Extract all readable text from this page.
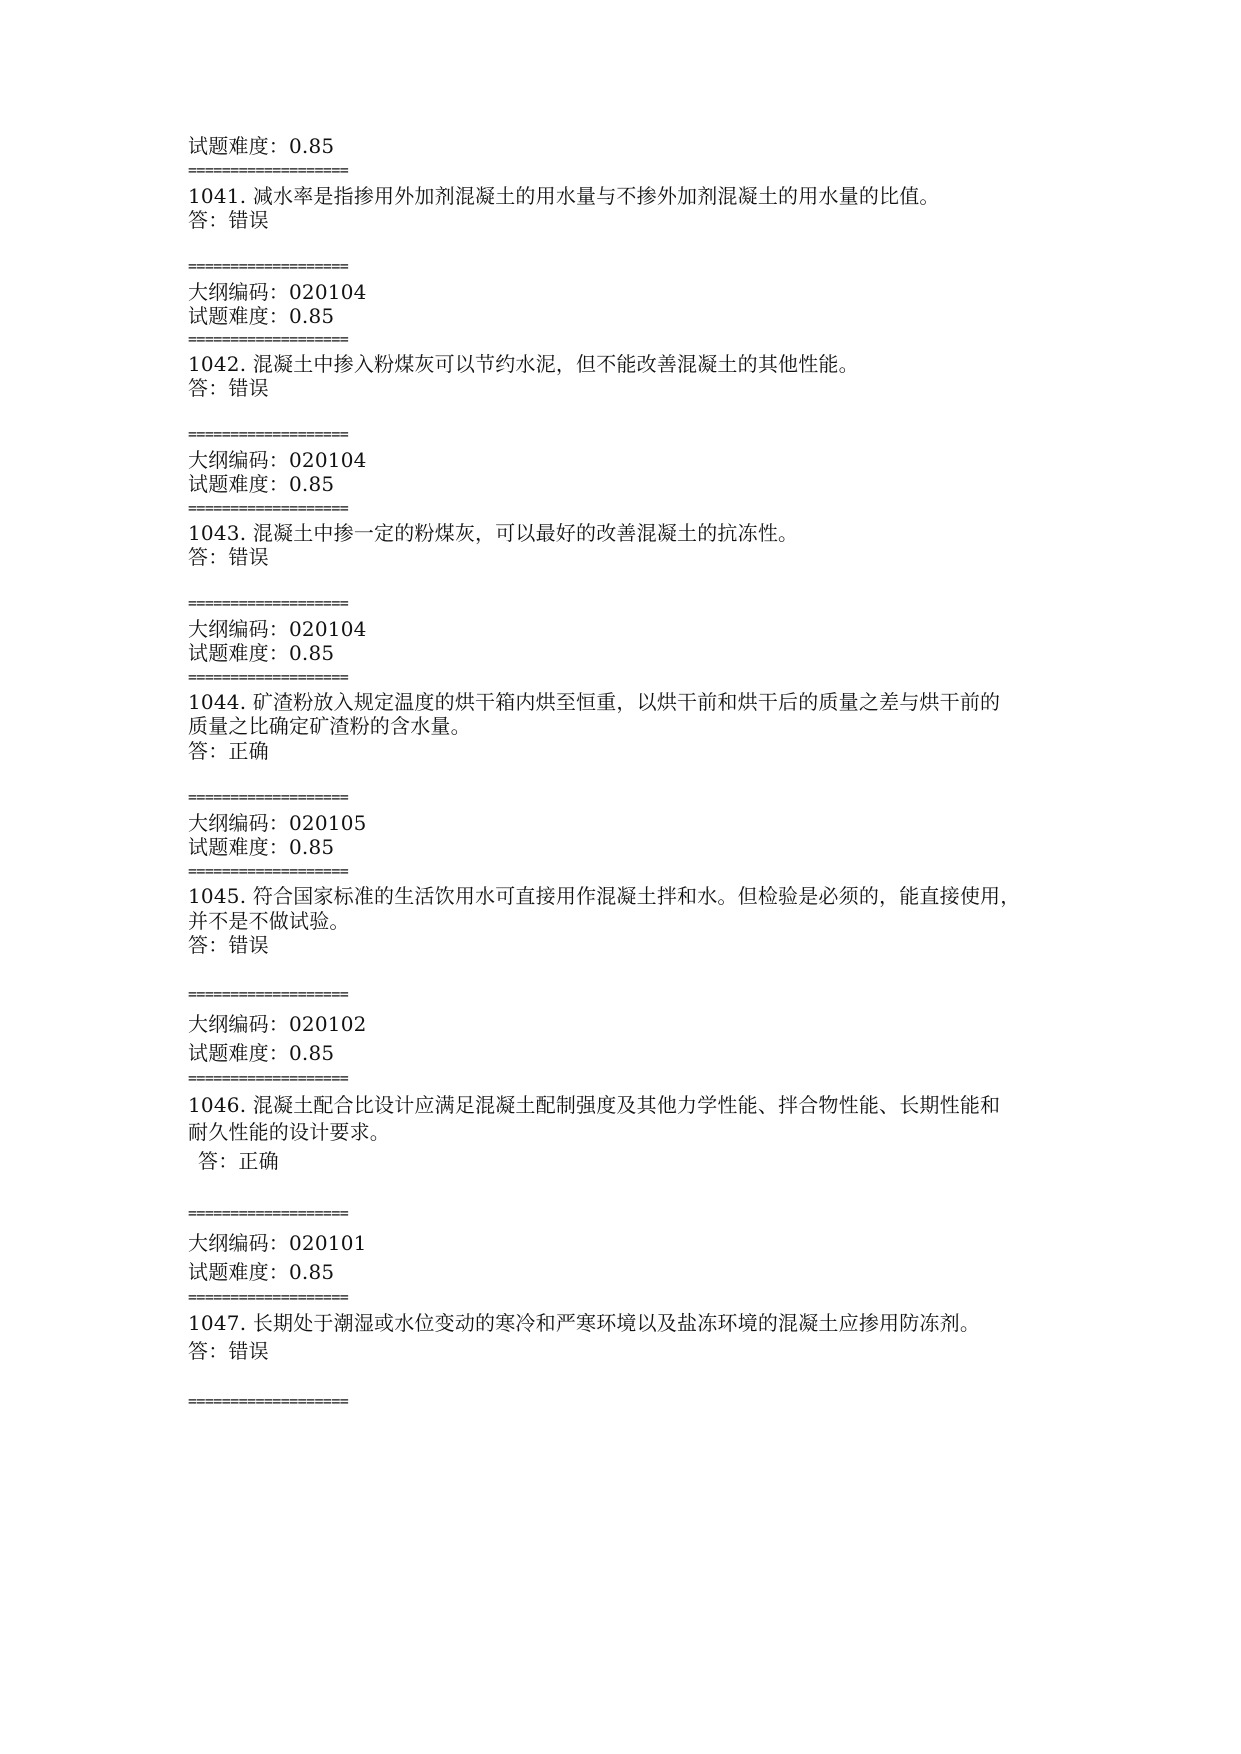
试题难度：0.85
===================
1041. 减水率是指掺用外加剂混凝土的用水量与不掺外加剂混凝土的用水量的比值。
答：错误
===================
大纲编码：020104
试题难度：0.85
===================
1042. 混凝土中掺入粉煤灰可以节约水泥，但不能改善混凝土的其他性能。
答：错误
===================
大纲编码：020104
试题难度：0.85
===================
1043. 混凝土中掺一定的粉煤灰，可以最好的改善混凝土的抗冻性。
答：错误
===================
大纲编码：020104
试题难度：0.85
===================
1044. 矿渣粉放入规定温度的烘干箱内烘至恒重，以烘干前和烘干后的质量之差与烘干前的
质量之比确定矿渣粉的含水量。
答：正确
===================
大纲编码：020105
试题难度：0.85
===================
1045. 符合国家标准的生活饮用水可直接用作混凝土拌和水。但检验是必须的，能直接使用，
并不是不做试验。
答：错误
===================
大纲编码：020102
试题难度：0.85
===================
1046. 混凝土配合比设计应满足混凝土配制强度及其他力学性能、拌合物性能、长期性能和
耐久性能的设计要求。
答：正确
===================
大纲编码：020101
试题难度：0.85
===================
1047. 长期处于潮湿或水位变动的寒冷和严寒环境以及盐冻环境的混凝土应掺用防冻剂。
答：错误
===================
